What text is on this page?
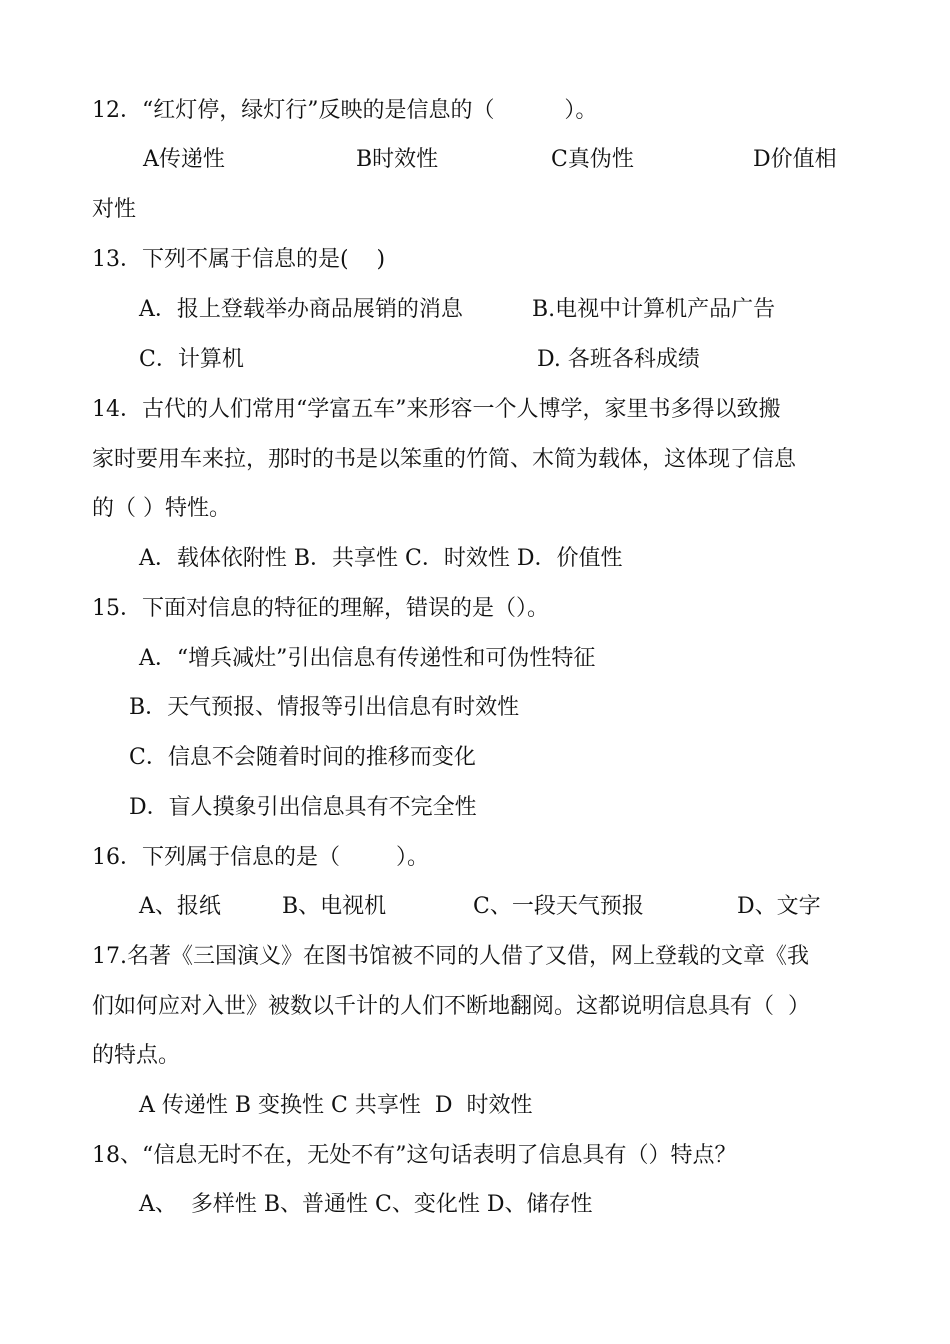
12．“红灯停，绿灯行”反映的是信息的（          ）。
A传递性	B时效性	C真伪性	D价值相
对性
13．下列不属于信息的是(    )
A．报上登载举办商品展销的消息	B.电视中计算机产品广告
C．计算机	D. 各班各科成绩
14．古代的人们常用“学富五车”来形容一个人博学，家里书多得以致搬
家时要用车来拉，那时的书是以笨重的竹简、木简为载体，这体现了信息
的（ ）特性。
A．载体依附性 B．共享性 C．时效性 D．价值性
15．下面对信息的特征的理解，错误的是（）。
A．“增兵减灶”引出信息有传递性和可伪性特征
B．天气预报、情报等引出信息有时效性
C．信息不会随着时间的推移而变化
D．盲人摸象引出信息具有不完全性
16．下列属于信息的是（        ）。
A、报纸	B、电视机	C、一段天气预报	D、文字
17.名著《三国演义》在图书馆被不同的人借了又借，网上登载的文章《我
们如何应对入世》被数以千计的人们不断地翻阅。这都说明信息具有（  ）
的特点。
A 传递性 B 变换性 C 共享性  D  时效性
18、“信息无时不在，无处不有”这句话表明了信息具有（）特点？
A、  多样性 B、普通性 C、变化性 D、储存性
